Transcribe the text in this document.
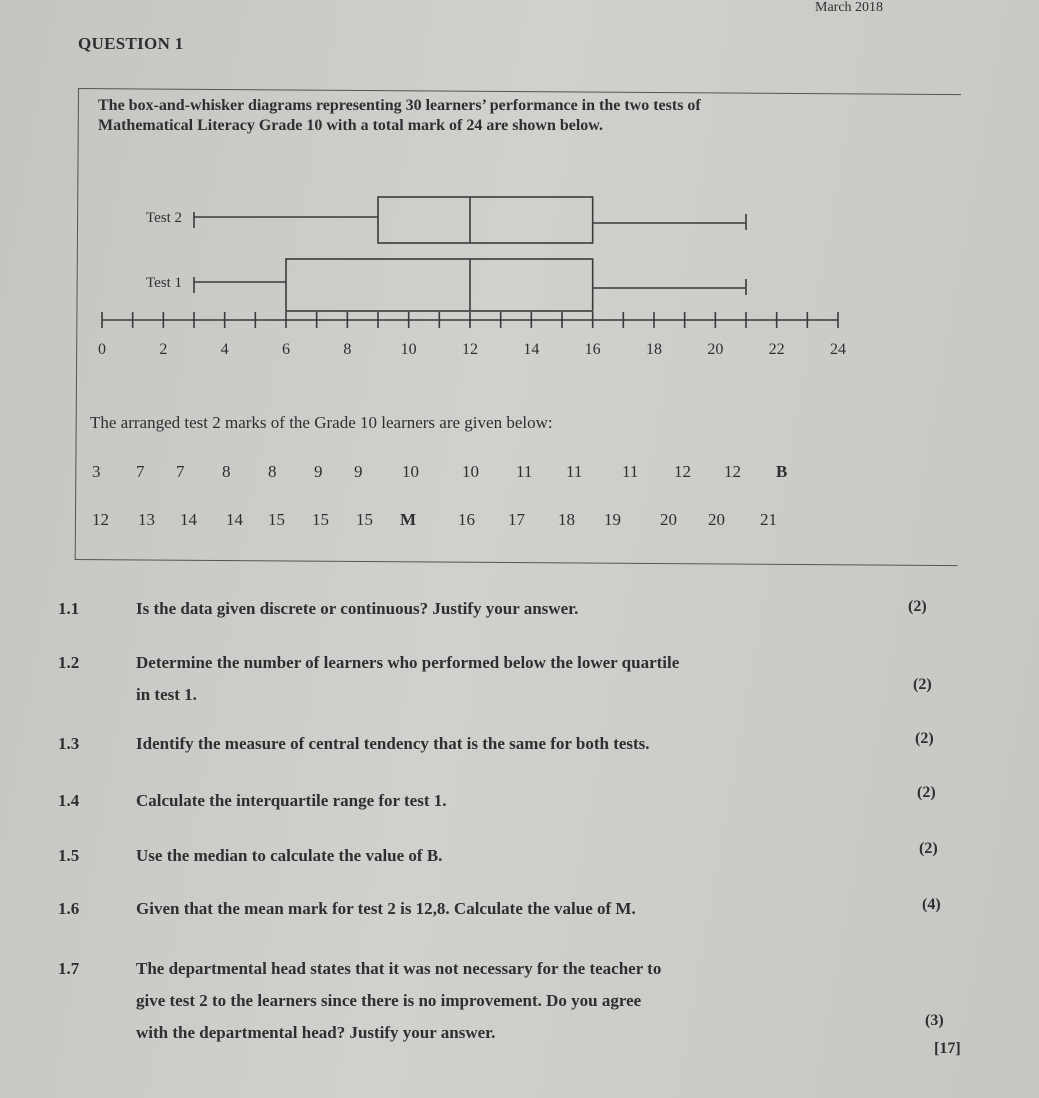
March 2018
QUESTION 1
The box-and-whisker diagrams representing 30 learners’ performance in the two tests of
Mathematical Literacy Grade 10 with a total mark of 24 are shown below.
0	2	4	6	8	10	12	14	16	18	20	22	24
Test 2
Test 1
The arranged test 2 marks of the Grade 10 learners are given below:
3	7	7	8	8	9	9	10	10	11	11	11	12	12	B
12	13	14	14	15	15	15	M	16	17	18	19	20	20	21
1.1	Is the data given discrete or continuous? Justify your answer.	(2)
1.2	Determine the number of learners who performed below the lower quartile
in test 1.
(2)
1.3	Identify the measure of central tendency that is the same for both tests.	(2)
1.4	Calculate the interquartile range for test 1.	(2)
1.5	Use the median to calculate the value of B.	(2)
1.6	Given that the mean mark for test 2 is 12,8. Calculate the value of M.	(4)
1.7	The departmental head states that it was not necessary for the teacher to
give test 2 to the learners since there is no improvement. Do you agree
with the departmental head? Justify your answer.
(3)
[17]
